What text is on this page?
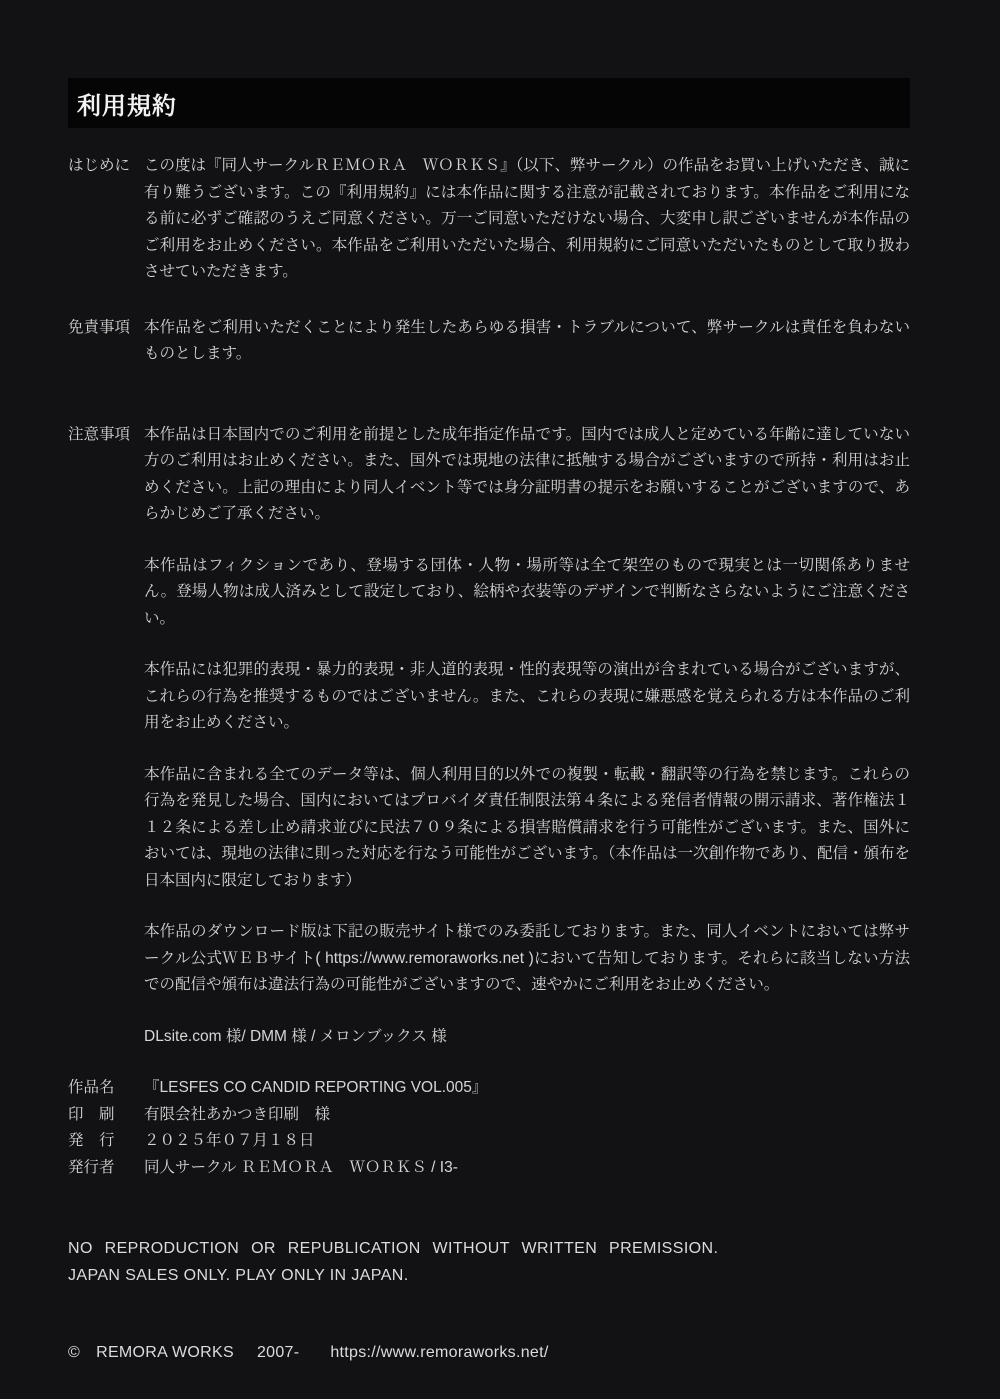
利用規約
はじめに この度は『同人サークルＲＥＭＯＲＡ　ＷＯＲＫＳ』（以下、弊サークル）の作品をお買い上げいただき、誠に有り難うございます。この『利用規約』には本作品に関する注意が記載されております。本作品をご利用になる前に必ずご確認のうえご同意ください。万一ご同意いただけない場合、大変申し訳ございませんが本作品のご利用をお止めください。本作品をご利用いただいた場合、利用規約にご同意いただいたものとして取り扱わさせていただきます。

免責事項 本作品をご利用いただくことにより発生したあらゆる損害・トラブルについて、弊サークルは責任を負わないものとします。

注意事項 本作品は日本国内でのご利用を前提とした成年指定作品です。国内では成人と定めている年齢に達していない方のご利用はお止めください。また、国外では現地の法律に抵触する場合がございますので所持・利用はお止めください。上記の理由により同人イベント等では身分証明書の提示をお願いすることがございますので、あらかじめご了承ください。

本作品はフィクションであり、登場する団体・人物・場所等は全て架空のもので現実とは一切関係ありません。登場人物は成人済みとして設定しており、絵柄や衣装等のデザインで判断なさらないようにご注意ください。

本作品には犯罪的表現・暴力的表現・非人道的表現・性的表現等の演出が含まれている場合がございますが、これらの行為を推奨するものではございません。また、これらの表現に嫌悪感を覚えられる方は本作品のご利用をお止めください。

本作品に含まれる全てのデータ等は、個人利用目的以外での複製・転載・翻訳等の行為を禁じます。これらの行為を発見した場合、国内においてはプロバイダ責任制限法第４条による発信者情報の開示請求、著作権法１１２条による差し止め請求並びに民法７０９条による損害賠償請求を行う可能性がございます。また、国外においては、現地の法律に則った対応を行なう可能性がございます。（本作品は一次創作物であり、配信・頒布を日本国内に限定しております）

本作品のダウンロード版は下記の販売サイト様でのみ委託しております。また、同人イベントにおいては弊サークル公式ＷＥＢサイト( https://www.remoraworks.net )において告知しております。それらに該当しない方法での配信や頒布は違法行為の可能性がございますので、速やかにご利用をお止めください。

DLsite.com 様/ DMM 様 / メロンブックス 様

作品名	『LESFES CO CANDID REPORTING VOL.005』
印　刷	有限会社あかつき印刷　様
発　行	２０２５年０７月１８日
発行者	同人サークル ＲＥＭＯＲＡ　ＷＯＲＫＳ / I3-
NO REPRODUCTION OR REPUBLICATION WITHOUT WRITTEN PREMISSION.
JAPAN SALES ONLY. PLAY ONLY IN JAPAN.
© REMORA WORKS 2007- https://www.remoraworks.net/
